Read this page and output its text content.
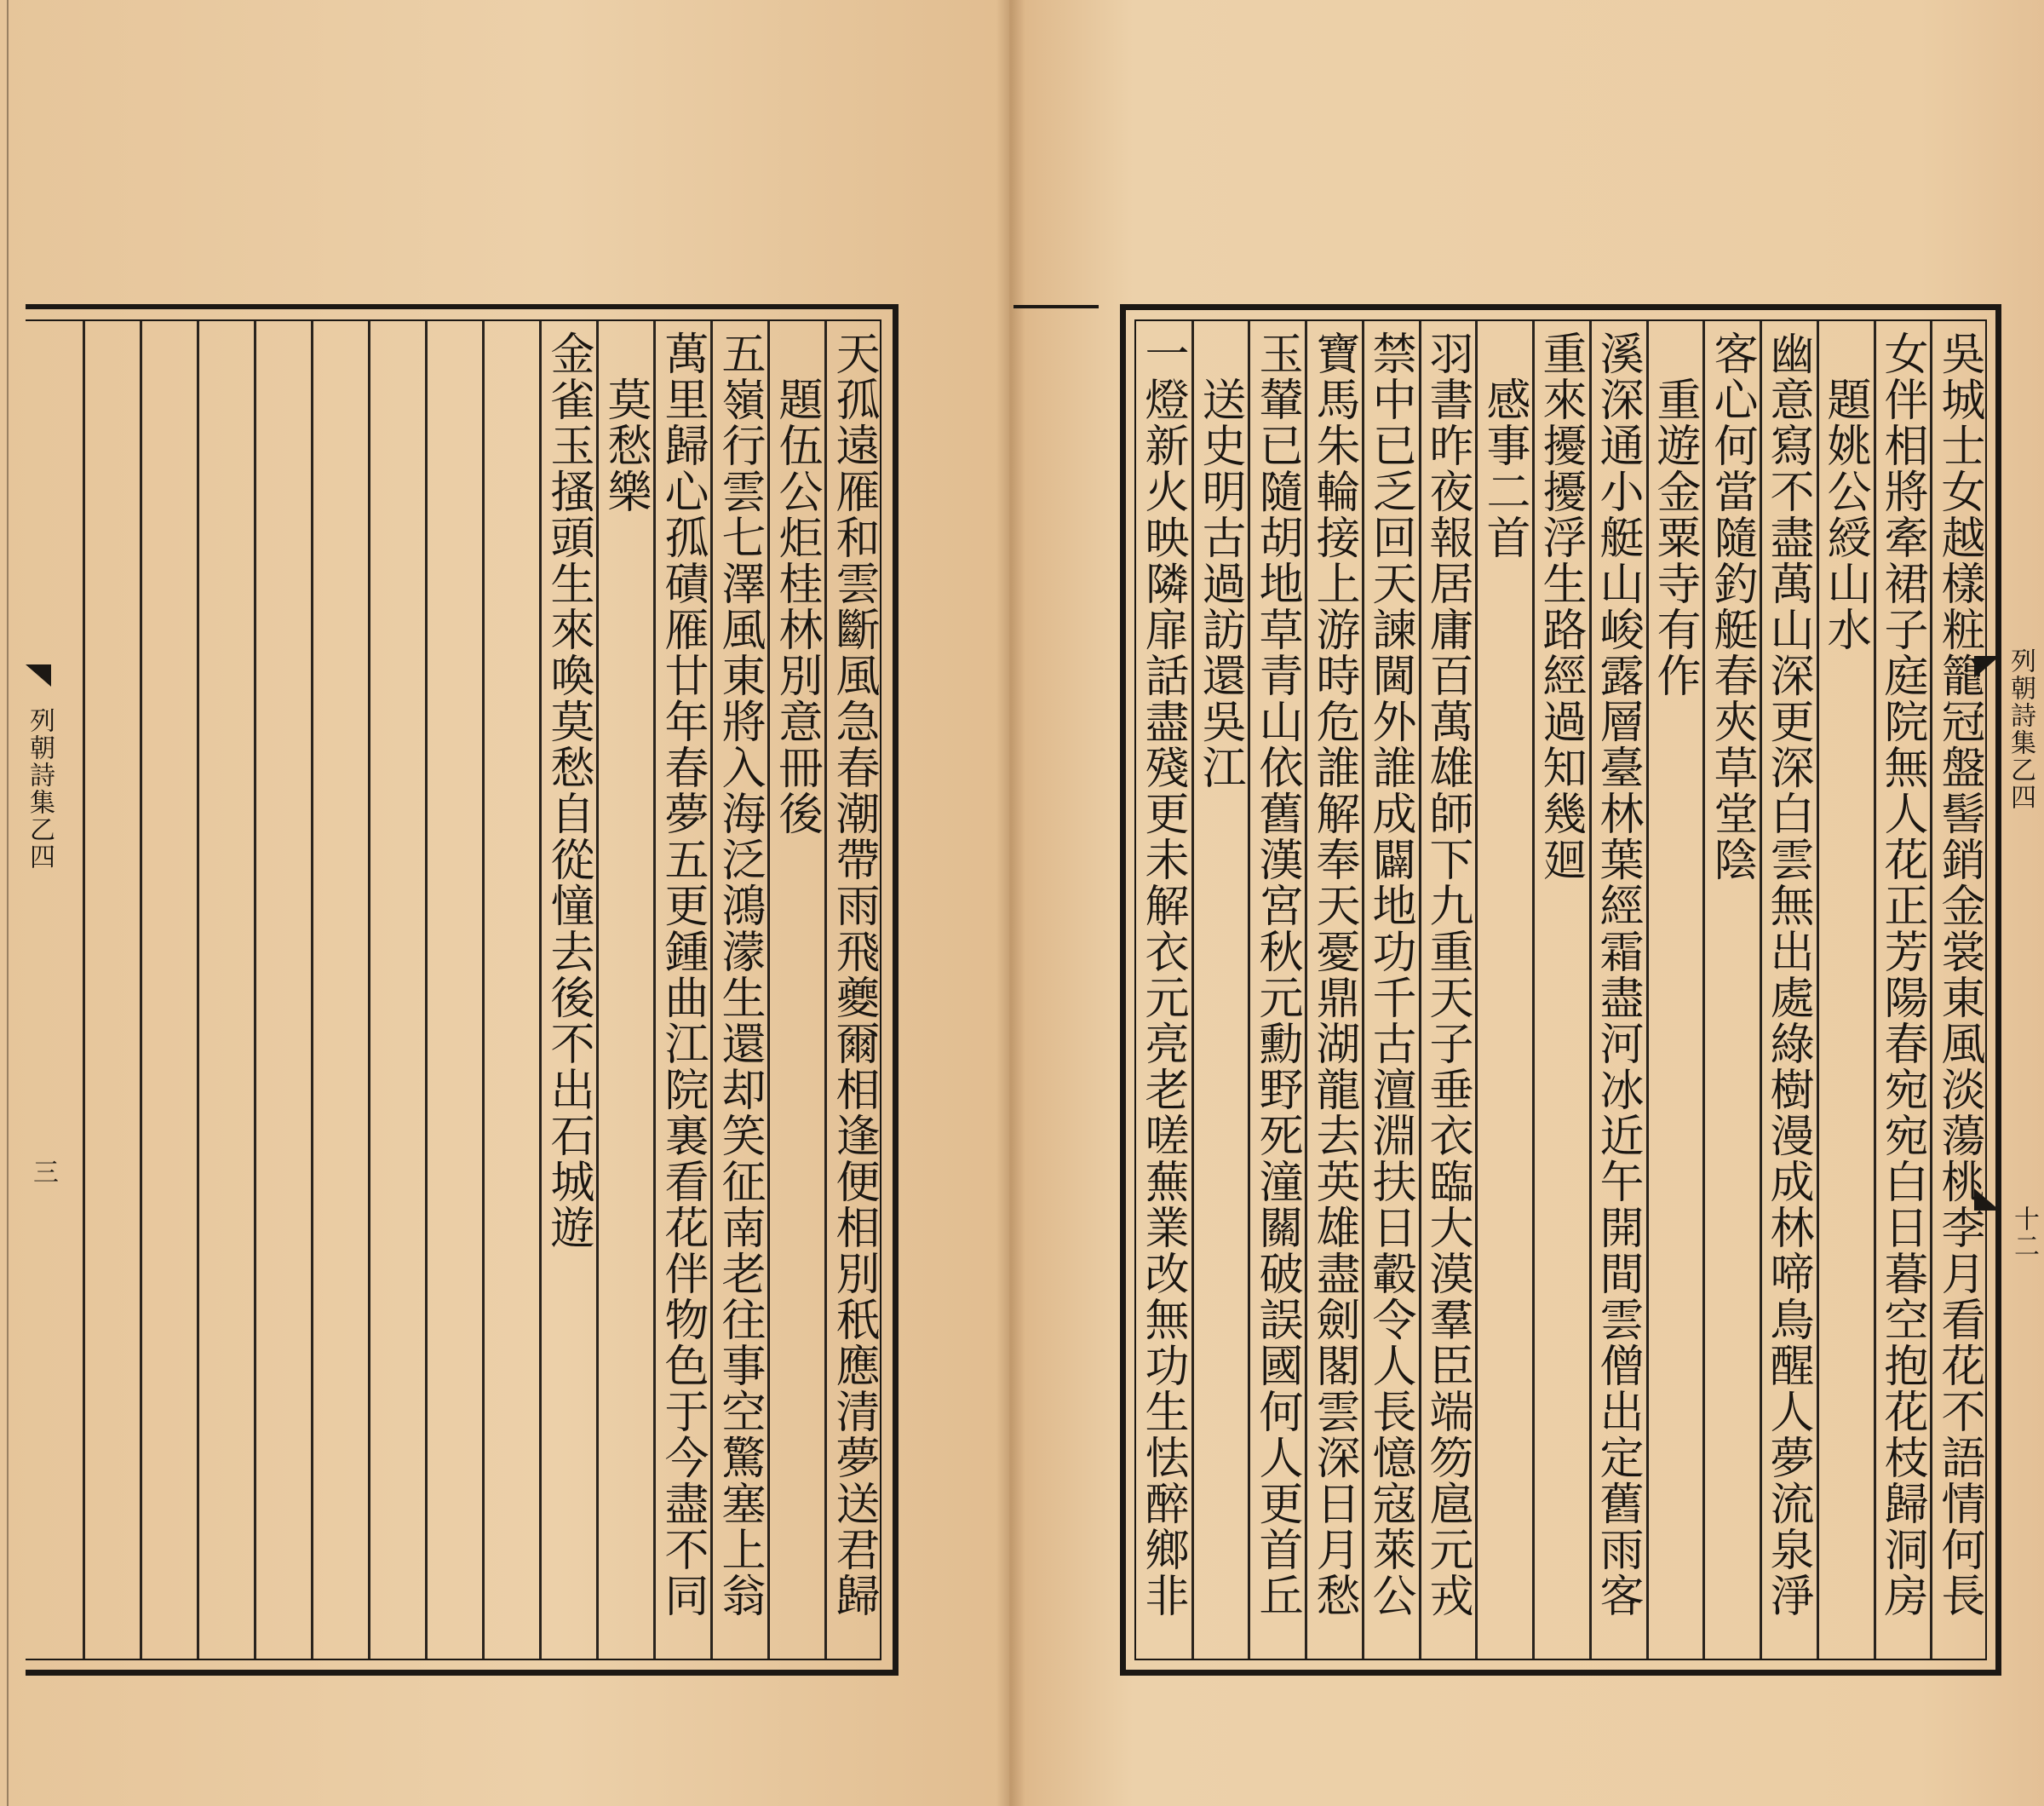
列朝詩集乙四
十二
吳城士女越樣粧籠冠盤髻銷金裳東風淡蕩桃李月看花不語情何長
女伴相將牽裙子庭院無人花正芳陽春宛宛白日暮空抱花枝歸洞房
　題姚公綬山水
幽意寫不盡萬山深更深白雲無出處綠樹漫成林啼鳥醒人夢流泉淨
客心何當隨釣艇春夾草堂陰
　重遊金粟寺有作
溪深通小艇山峻露層臺林葉經霜盡河冰近午開間雲僧出定舊雨客
重來擾擾浮生路經過知幾廻
　感事二首
羽書昨夜報居庸百萬雄師下九重天子垂衣臨大漠羣臣端笏扈元戎
禁中已乏回天諫閫外誰成闢地功千古澶淵扶日轂令人長憶寇萊公
寶馬朱輪接上游時危誰解奉天憂鼎湖龍去英雄盡劍閣雲深日月愁
玉輦已隨胡地草青山依舊漢宮秋元勳野死潼關破誤國何人更首丘
　送史明古過訪還吳江
一燈新火映隣扉話盡殘更未解衣元亮老嗟蕪業改無功生怯醉鄉非
列朝詩集乙四
三	天孤遠雁和雲斷風急春潮帶雨飛夔爾相逢便相別秖應清夢送君歸
　題伍公炬桂林別意冊後
五嶺行雲七澤風東將入海泛鴻濛生還却笑征南老往事空驚塞上翁
萬里歸心孤磧雁廿年春夢五更鍾曲江院裏看花伴物色于今盡不同
　莫愁樂
金雀玉搔頭生來喚莫愁自從憧去後不出石城遊
